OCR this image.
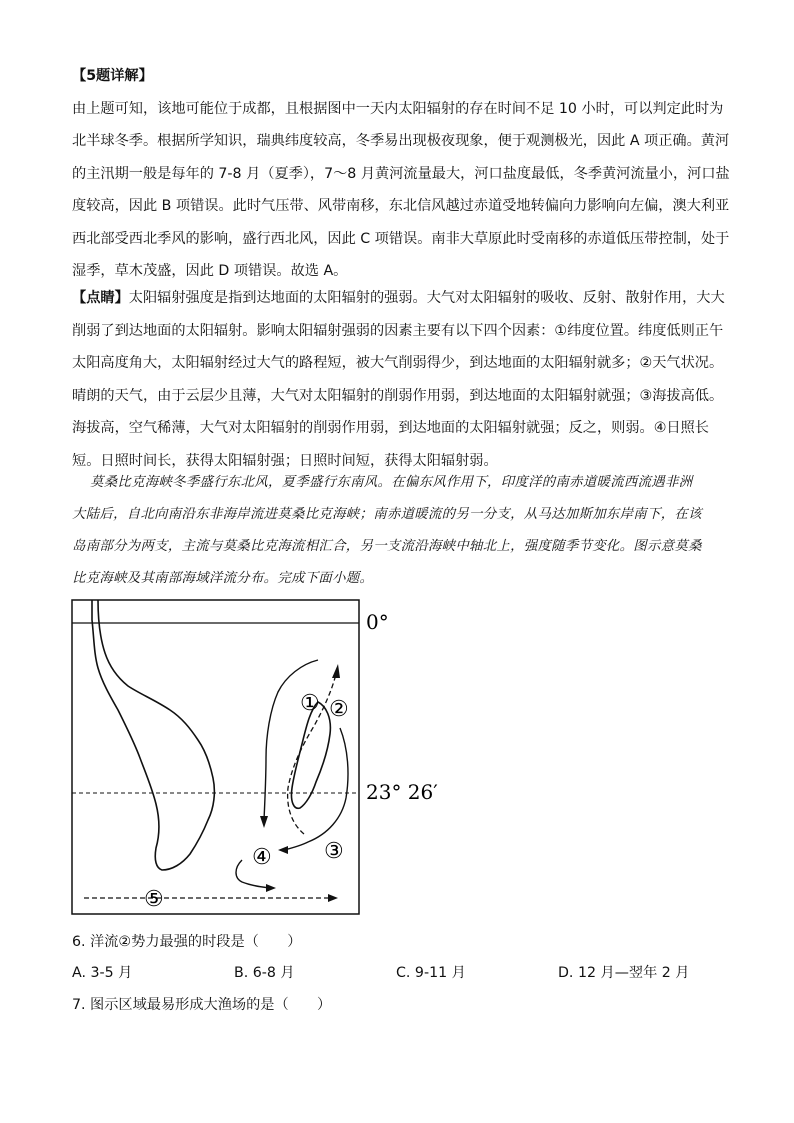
【5题详解】
由上题可知，该地可能位于成都，且根据图中一天内太阳辐射的存在时间不足 10 小时，可以判定此时为
北半球冬季。根据所学知识，瑞典纬度较高，冬季易出现极夜现象，便于观测极光，因此 A 项正确。黄河
的主汛期一般是每年的 7-8 月（夏季），7～8 月黄河流量最大，河口盐度最低，冬季黄河流量小，河口盐
度较高，因此 B 项错误。此时气压带、风带南移，东北信风越过赤道受地转偏向力影响向左偏，澳大利亚
西北部受西北季风的影响，盛行西北风，因此 C 项错误。南非大草原此时受南移的赤道低压带控制，处于
湿季，草木茂盛，因此 D 项错误。故选 A。
【点睛】太阳辐射强度是指到达地面的太阳辐射的强弱。大气对太阳辐射的吸收、反射、散射作用，大大
削弱了到达地面的太阳辐射。影响太阳辐射强弱的因素主要有以下四个因素：①纬度位置。纬度低则正午
太阳高度角大，太阳辐射经过大气的路程短，被大气削弱得少，到达地面的太阳辐射就多；②天气状况。
晴朗的天气，由于云层少且薄，大气对太阳辐射的削弱作用弱，到达地面的太阳辐射就强；③海拔高低。
海拔高，空气稀薄，大气对太阳辐射的削弱作用弱，到达地面的太阳辐射就强；反之，则弱。④日照长
短。日照时间长，获得太阳辐射强；日照时间短，获得太阳辐射弱。
莫桑比克海峡冬季盛行东北风，夏季盛行东南风。在偏东风作用下，印度洋的南赤道暖流西流遇非洲
大陆后，自北向南沿东非海岸流进莫桑比克海峡；南赤道暖流的另一分支，从马达加斯加东岸南下，在该
岛南部分为两支，主流与莫桑比克海流相汇合，另一支流沿海峡中轴北上，强度随季节变化。图示意莫桑
比克海峡及其南部海域洋流分布。完成下面小题。
① ②
③
④
⑤
0°
23° 26′
6. 洋流②势力最强的时段是（　　）
A. 3-5 月	B. 6-8 月	C. 9-11 月	D. 12 月—翌年 2 月
7. 图示区域最易形成大渔场的是（　　）
